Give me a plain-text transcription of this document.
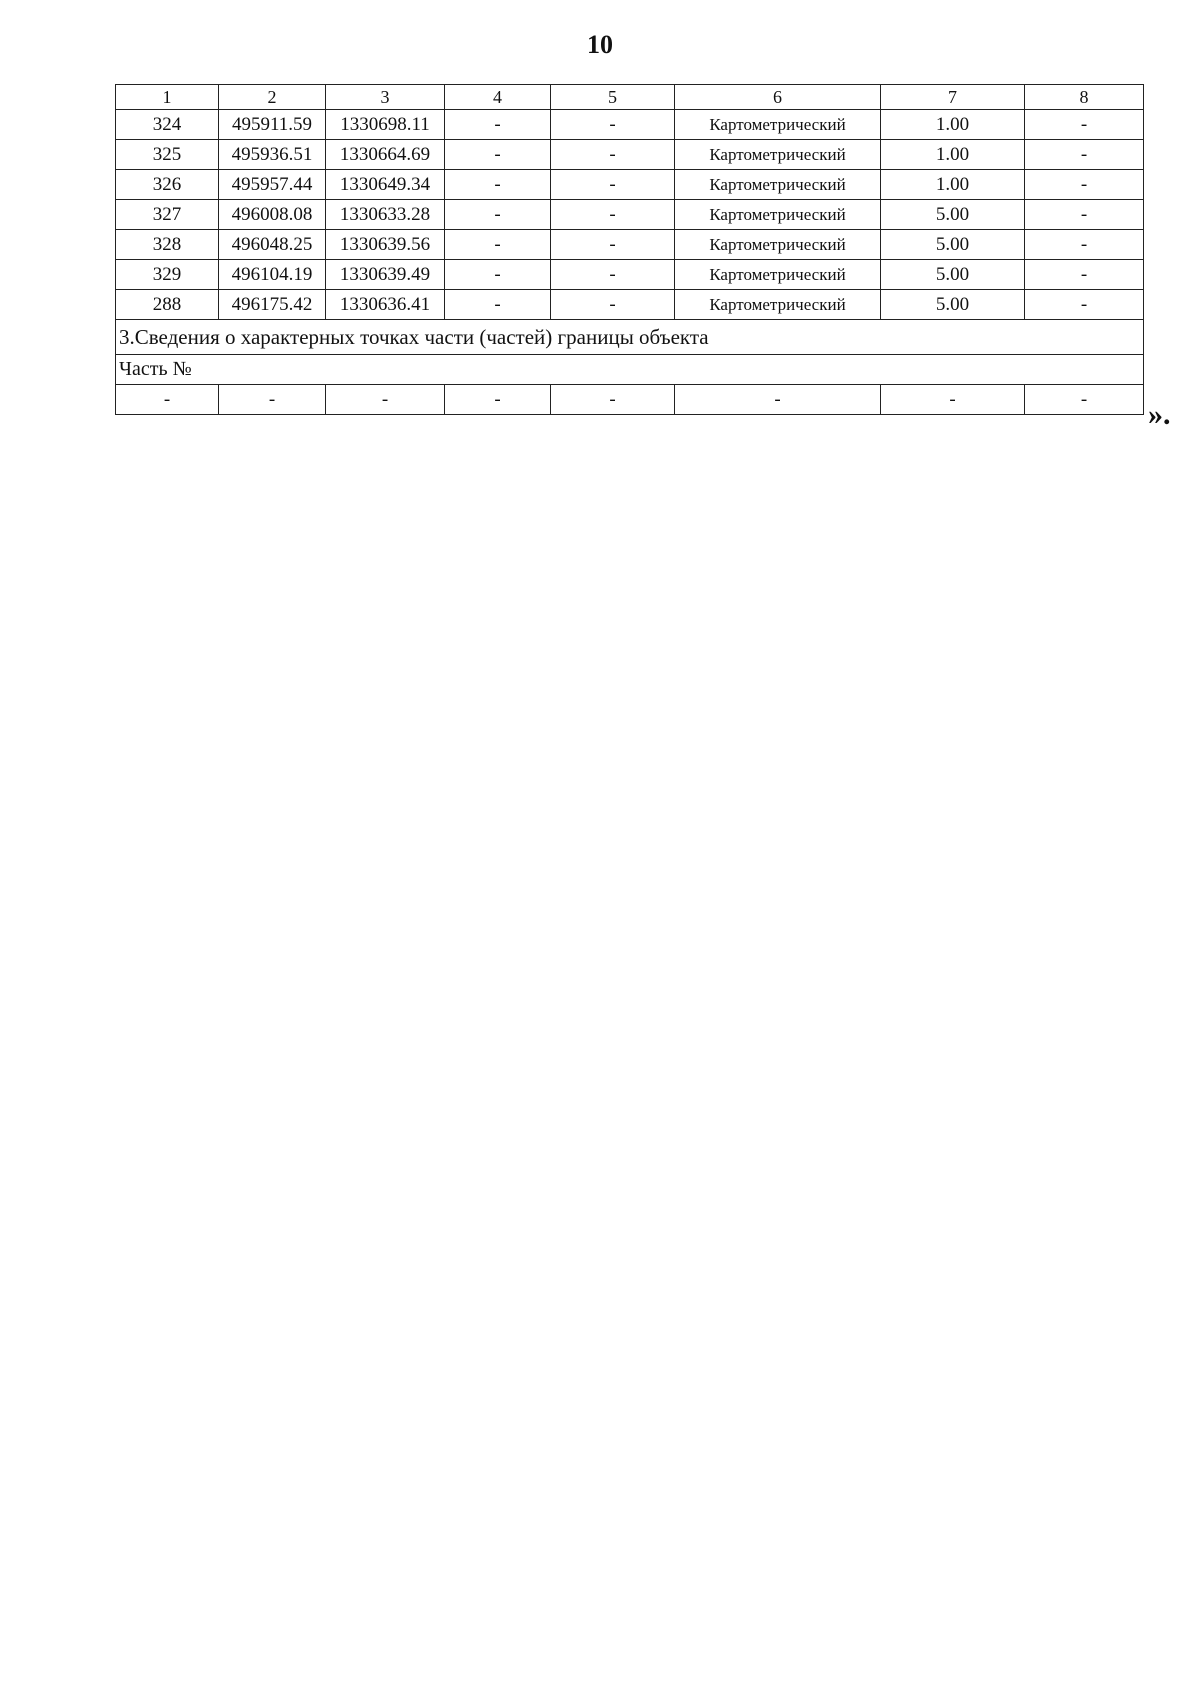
10
1	2	3	4	5	6	7	8
324	495911.59	1330698.11	-	-	Картометрический	1.00	-
325	495936.51	1330664.69	-	-	Картометрический	1.00	-
326	495957.44	1330649.34	-	-	Картометрический	1.00	-
327	496008.08	1330633.28	-	-	Картометрический	5.00	-
328	496048.25	1330639.56	-	-	Картометрический	5.00	-
329	496104.19	1330639.49	-	-	Картометрический	5.00	-
288	496175.42	1330636.41	-	-	Картометрический	5.00	-
3.Сведения о характерных точках части (частей) границы объекта							
Часть №							
-	-	-	-	-	-	-	- ».
